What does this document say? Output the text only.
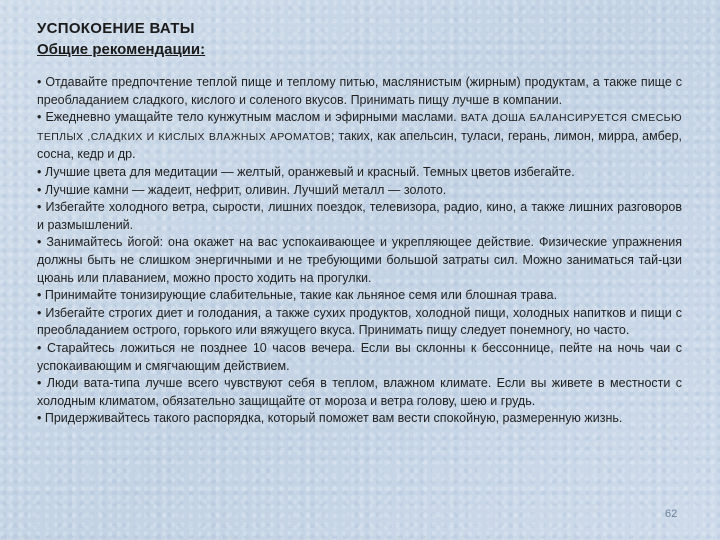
УСПОКОЕНИЕ ВАТЫ
Общие рекомендации:

• Отдавайте предпочтение теплой пище и теплому питью, маслянистым (жирным) продуктам, а также пище с преобладанием сладкого, кислого и соленого вкусов. Принимать пищу лучше в компании.

• Ежедневно умащайте тело кунжутным маслом и эфирными маслами. ВАТА ДОША БАЛАНСИРУЕТСЯ СМЕСЬЮ ТЕПЛЫХ ,СЛАДКИХ И КИСЛЫХ ВЛАЖНЫХ АРОМАТОВ; таких, как апельсин, туласи, герань, лимон, мирра, амбер, сосна, кедр и др.

• Лучшие цвета для медитации — желтый, оранжевый и красный. Темных цветов избегайте.

• Лучшие камни — жадеит, нефрит, оливин. Лучший металл — золото.

• Избегайте холодного ветра, сырости, лишних поездок, телевизора, радио, кино, а также лишних разговоров и размышлений.

• Занимайтесь йогой: она окажет на вас успокаивающее и укрепляющее действие. Физические упражнения должны быть не слишком энергичными и не требующими большой затраты сил. Можно заниматься тай-цзи цюань или плаванием, можно просто ходить на прогулки.

• Принимайте тонизирующие слабительные, такие как льняное семя или блошная трава.

• Избегайте строгих диет и голодания, а также сухих продуктов, холодной пищи, холодных напитков и пищи с преобладанием острого, горького или вяжущего вкуса. Принимать пищу следует понемногу, но часто.

• Старайтесь ложиться не позднее 10 часов вечера. Если вы склонны к бессоннице, пейте на ночь чаи с успокаивающим и смягчающим действием.

• Люди вата-типа лучше всего чувствуют себя в теплом, влажном климате. Если вы живете в местности с холодным климатом, обязательно защищайте от мороза и ветра голову, шею и грудь.

• Придерживайтесь такого распорядка, который поможет вам вести спокойную, размеренную жизнь.

62
